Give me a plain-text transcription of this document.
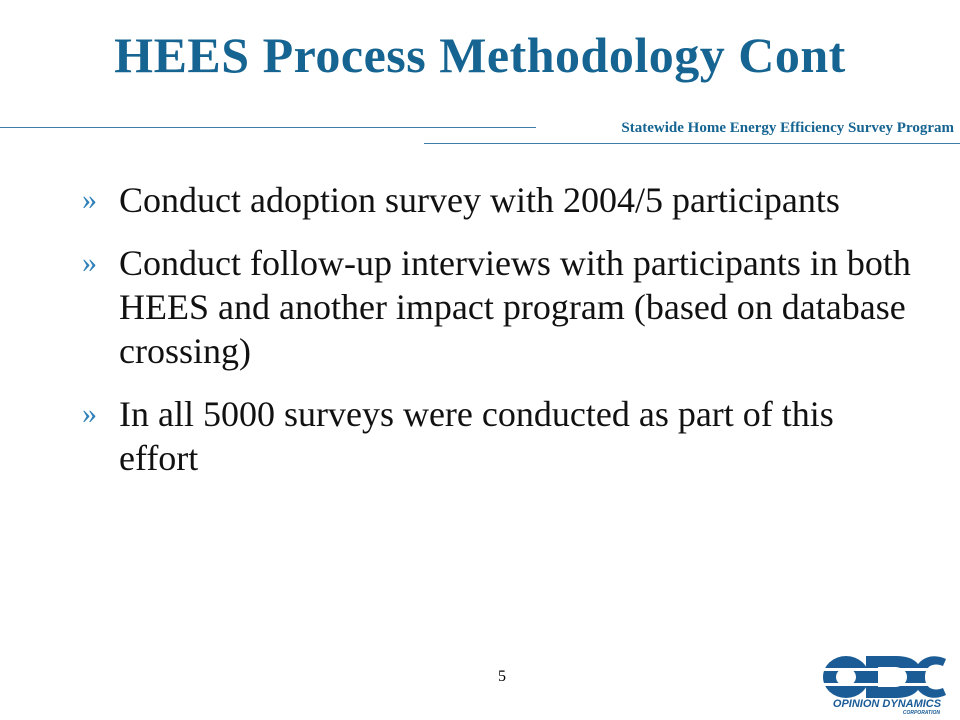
HEES Process Methodology Cont
Statewide Home Energy Efficiency Survey Program
» Conduct adoption survey with 2004/5 participants
» Conduct follow-up interviews with participants in both HEES and another impact program (based on database crossing)
» In all 5000 surveys were conducted as part of this effort
5
OPINION DYNAMICS
CORPORATION
